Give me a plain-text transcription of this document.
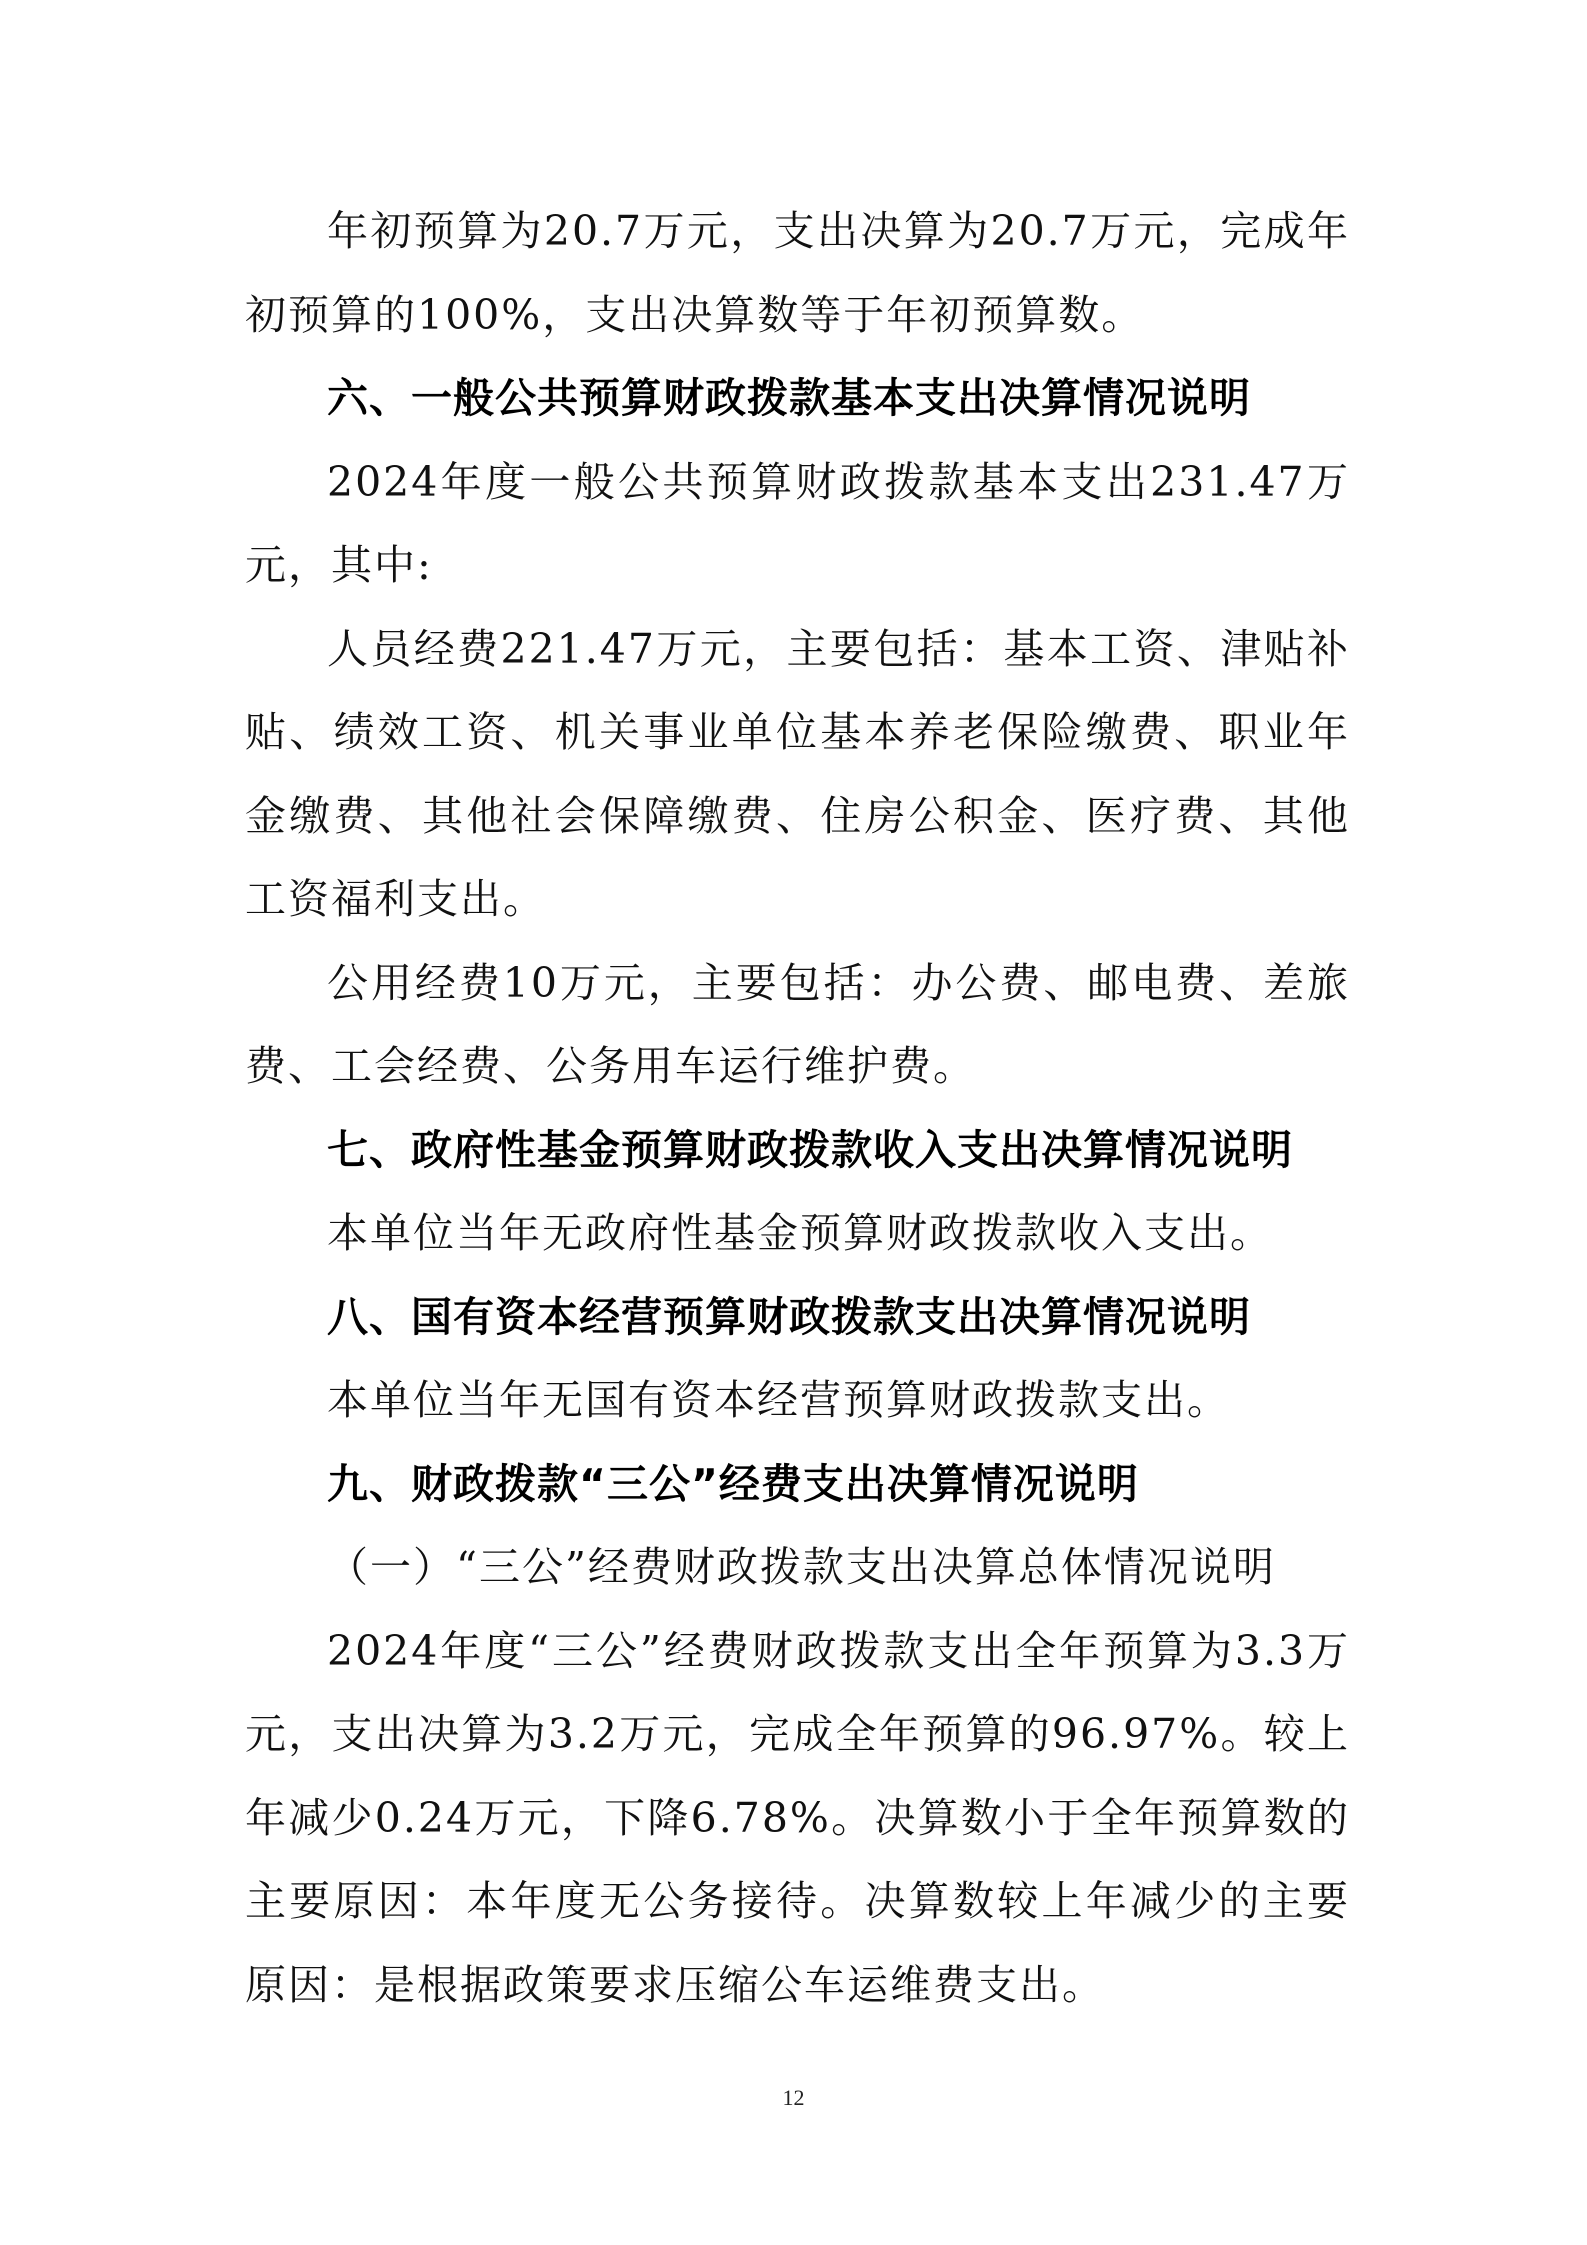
年初预算为20.7万元，支出决算为20.7万元，完成年初预算的100%，支出决算数等于年初预算数。

六、一般公共预算财政拨款基本支出决算情况说明

2024年度一般公共预算财政拨款基本支出231.47万元，其中:

人员经费221.47万元，主要包括：基本工资、津贴补贴、绩效工资、机关事业单位基本养老保险缴费、职业年金缴费、其他社会保障缴费、住房公积金、医疗费、其他工资福利支出。

公用经费10万元，主要包括：办公费、邮电费、差旅费、工会经费、公务用车运行维护费。

七、政府性基金预算财政拨款收入支出决算情况说明

本单位当年无政府性基金预算财政拨款收入支出。

八、国有资本经营预算财政拨款支出决算情况说明

本单位当年无国有资本经营预算财政拨款支出。

九、财政拨款“三公”经费支出决算情况说明

（一）“三公”经费财政拨款支出决算总体情况说明

2024年度“三公”经费财政拨款支出全年预算为3.3万元，支出决算为3.2万元，完成全年预算的96.97%。较上年减少0.24万元，下降6.78%。决算数小于全年预算数的主要原因：本年度无公务接待。决算数较上年减少的主要原因：是根据政策要求压缩公车运维费支出。

12
